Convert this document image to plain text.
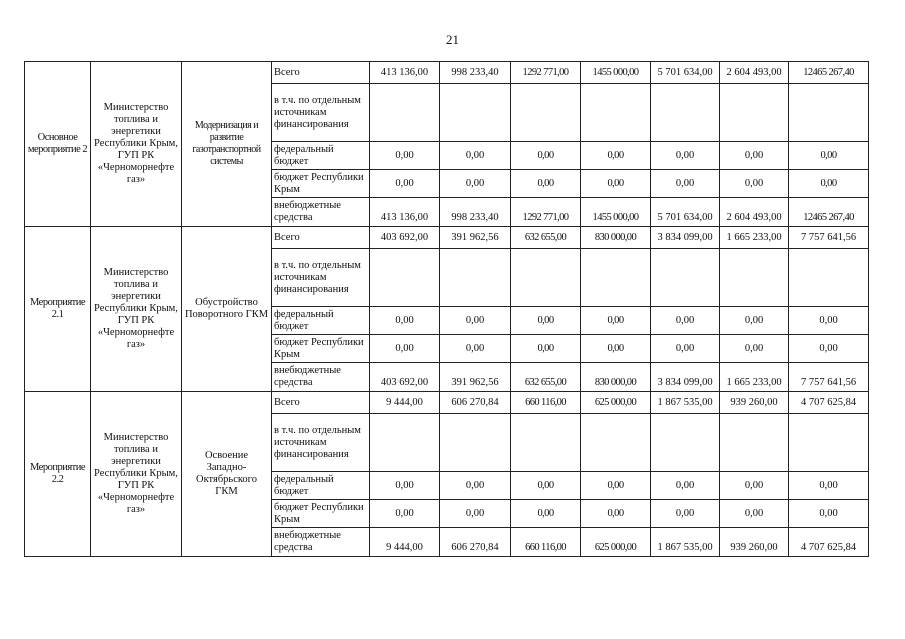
21
Основное мероприятие 2	Министерство топлива и энергетики Республики Крым, ГУП РК «Черноморнефте газ»	Модернизация и развитие газотранспортной системы	Всего	413 136,00	998 233,40	1292 771,00	1455 000,00	5 701 634,00	2 604 493,00	12465 267,40
			в т.ч. по отдельным источникам финансирования							
			федеральный бюджет	0,00	0,00	0,00	0,00	0,00	0,00	0,00
			бюджет Республики Крым	0,00	0,00	0,00	0,00	0,00	0,00	0,00
			внебюджетные средства	413 136,00	998 233,40	1292 771,00	1455 000,00	5 701 634,00	2 604 493,00	12465 267,40
Мероприятие 2.1	Министерство топлива и энергетики Республики Крым, ГУП РК «Черноморнефте газ»	Обустройство Поворотного ГКМ	Всего	403 692,00	391 962,56	632 655,00	830 000,00	3 834 099,00	1 665 233,00	7 757 641,56
			в т.ч. по отдельным источникам финансирования							
			федеральный бюджет	0,00	0,00	0,00	0,00	0,00	0,00	0,00
			бюджет Республики Крым	0,00	0,00	0,00	0,00	0,00	0,00	0,00
			внебюджетные средства	403 692,00	391 962,56	632 655,00	830 000,00	3 834 099,00	1 665 233,00	7 757 641,56
Мероприятие 2.2	Министерство топлива и энергетики Республики Крым, ГУП РК «Черноморнефте газ»	Освоение Западно-Октябрьского ГКМ	Всего	9 444,00	606 270,84	660 116,00	625 000,00	1 867 535,00	939 260,00	4 707 625,84
			в т.ч. по отдельным источникам финансирования							
			федеральный бюджет	0,00	0,00	0,00	0,00	0,00	0,00	0,00
			бюджет Республики Крым	0,00	0,00	0,00	0,00	0,00	0,00	0,00
			внебюджетные средства	9 444,00	606 270,84	660 116,00	625 000,00	1 867 535,00	939 260,00	4 707 625,84
